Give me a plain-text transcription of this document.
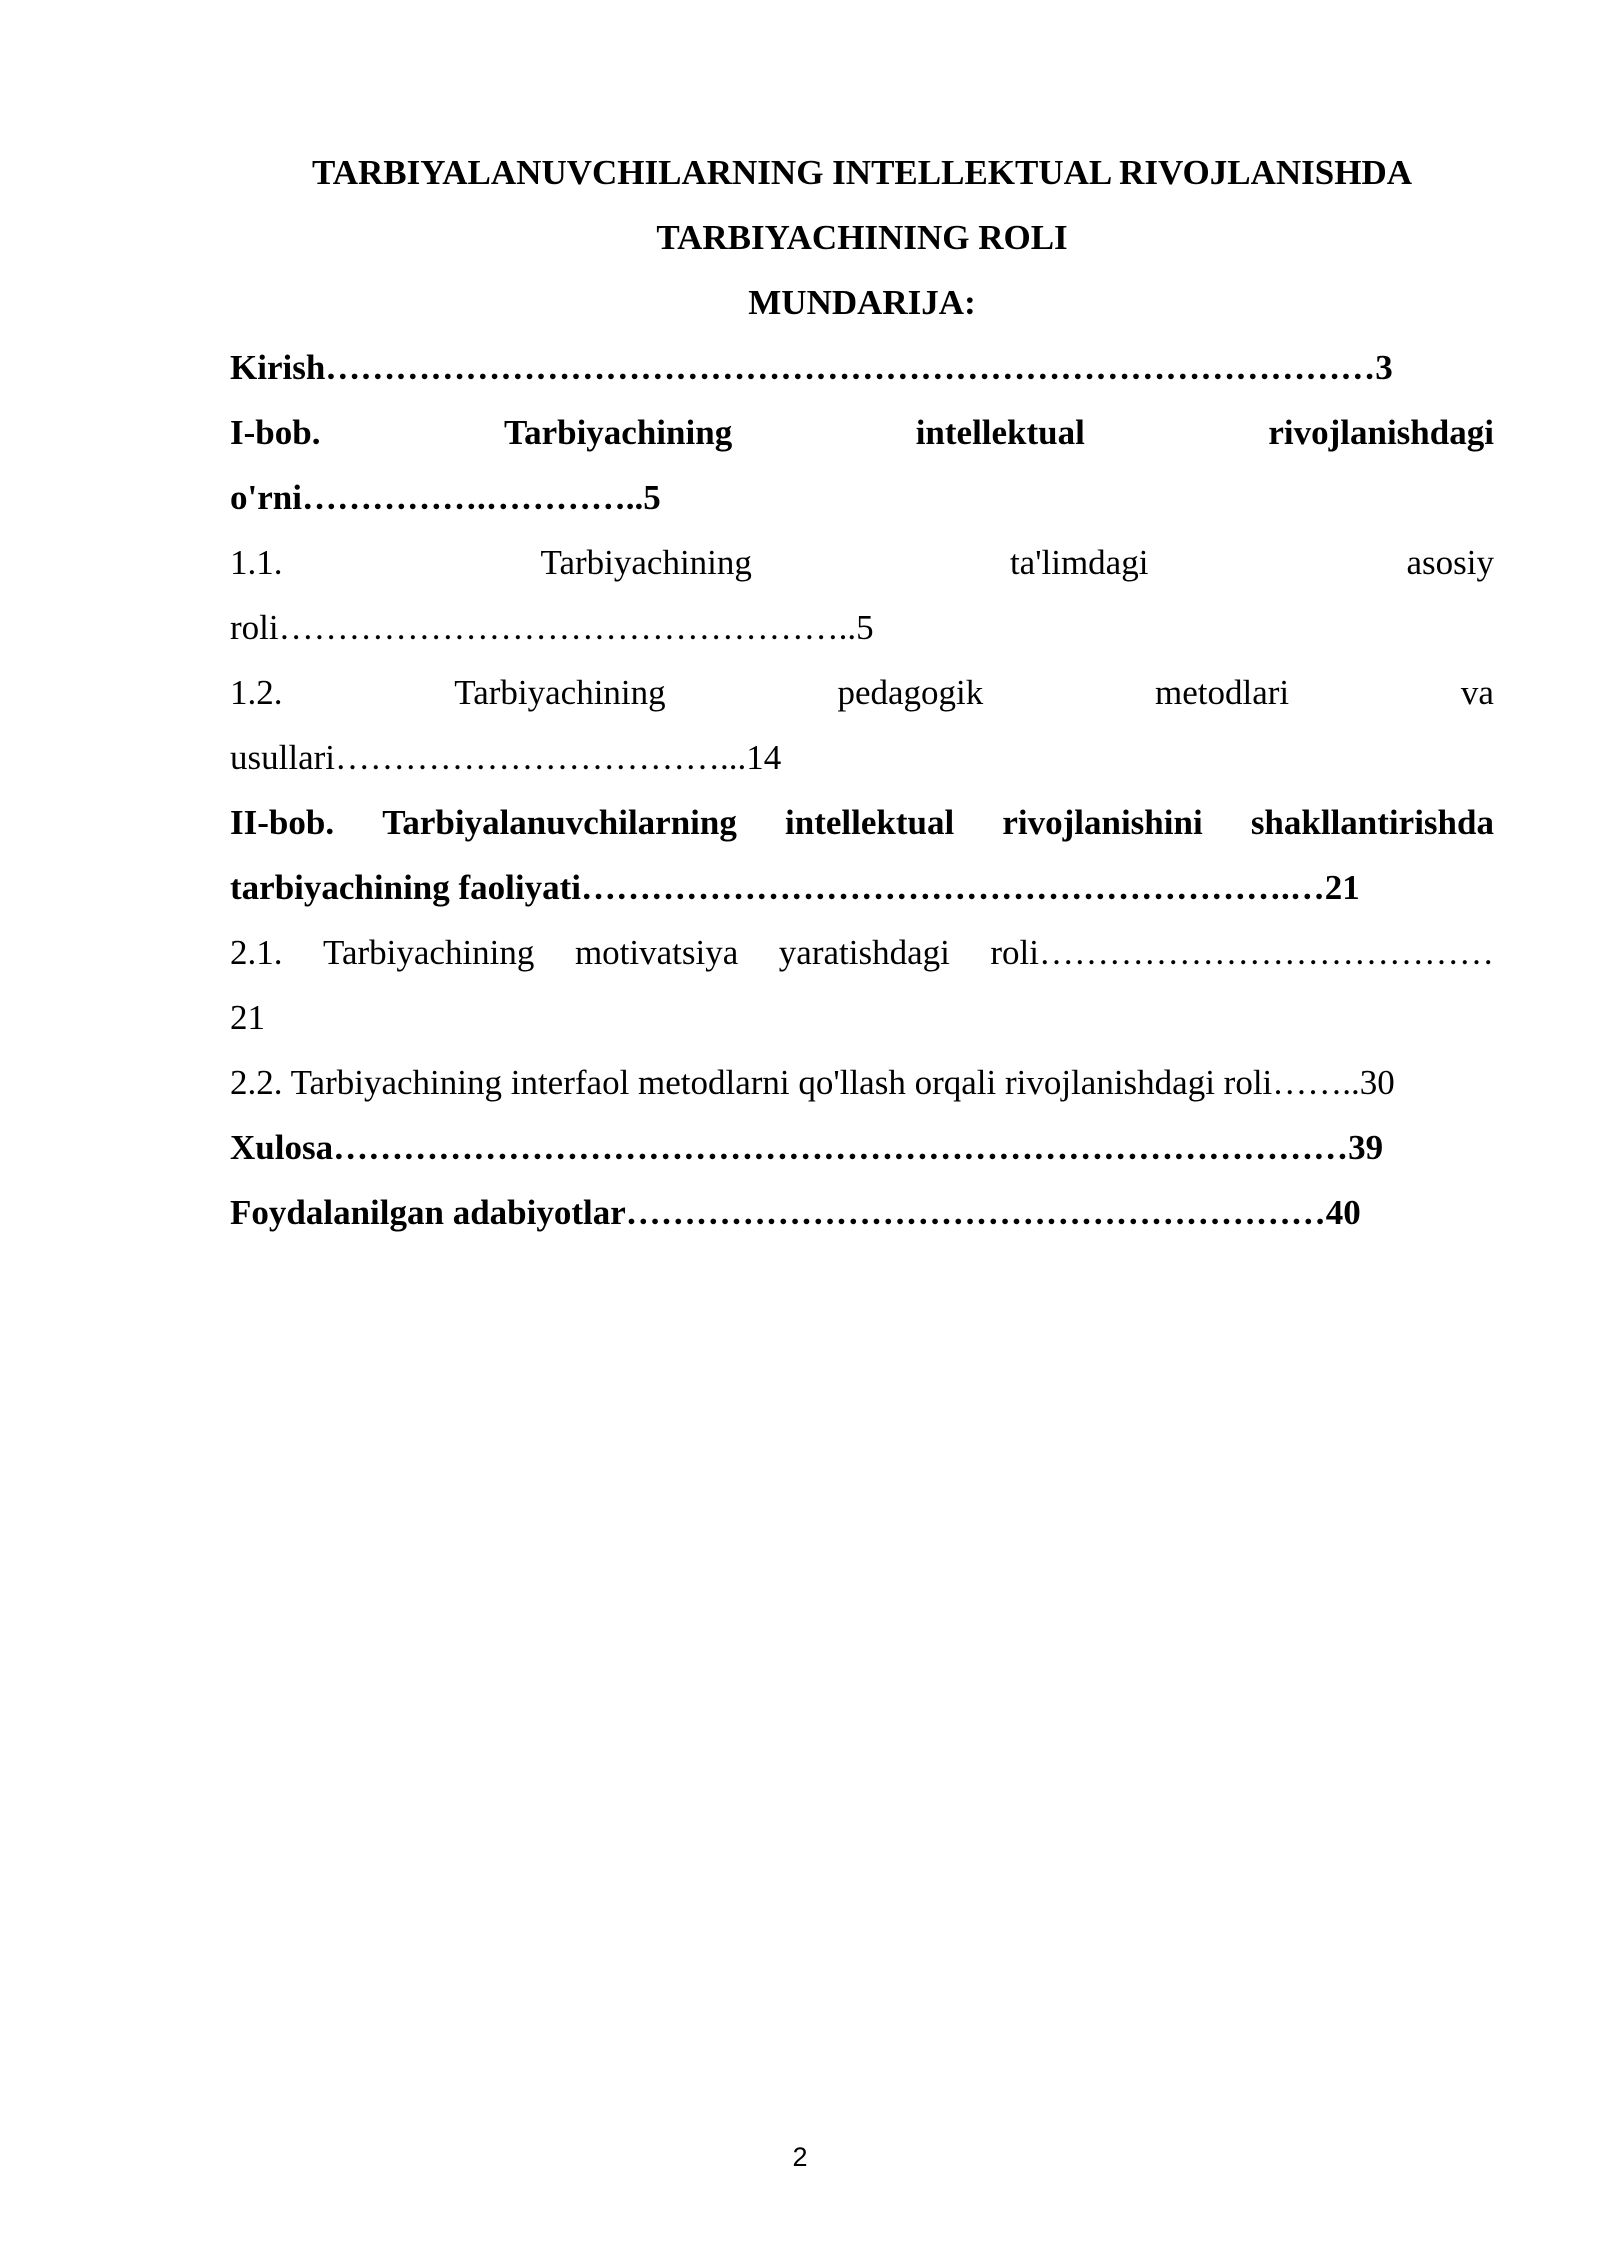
TARBIYALANUVCHILARNING INTELLEKTUAL RIVOJLANISHDA

TARBIYACHINING ROLI

MUNDARIJA:

Kirish………………………………………………………………………………3

I-bob.	Tarbiyachining	intellektual	rivojlanishdagi

o'rni…………….…………..5

1.1.	Tarbiyachining	ta'limdagi	asosiy

roli…………………………………………..5

1.2.	Tarbiyachining	pedagogik	metodlari	va

usullari……………………………...14

II-bob. Tarbiyalanuvchilarning intellektual rivojlanishini shakllantirishda

tarbiyachining faoliyati…………………………………………………….…21

2.1. Tarbiyachining motivatsiya yaratishdagi roli…………………………………

21

2.2. Tarbiyachining interfaol metodlarni qo'llash orqali rivojlanishdagi roli……..30

Xulosa……………………………………………………………………………39

Foydalanilgan adabiyotlar……………………………………………………40

2
